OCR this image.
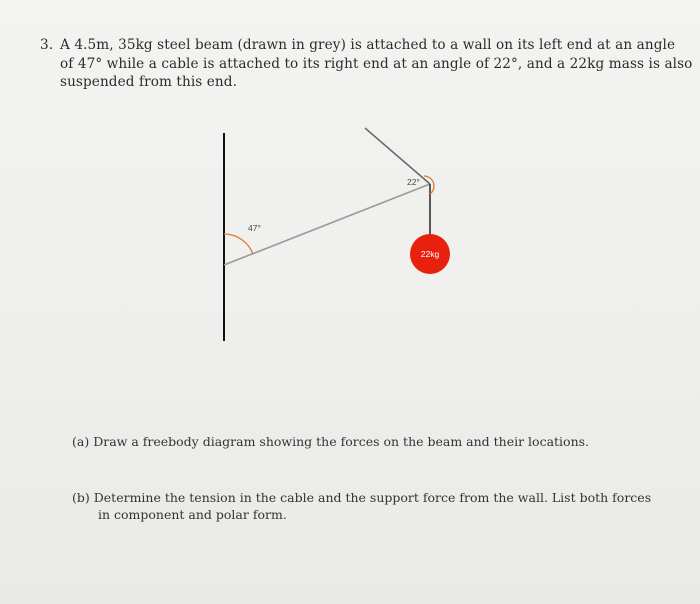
3. A 4.5m, 35kg steel beam (drawn in grey) is attached to a wall on its left end at an angle
of 47° while a cable is attached to its right end at an angle of 22°, and a 22kg mass is also
suspended from this end.
47°
22°
22kg
(a) Draw a freebody diagram showing the forces on the beam and their locations.
(b) Determine the tension in the cable and the support force from the wall. List both forces
in component and polar form.
